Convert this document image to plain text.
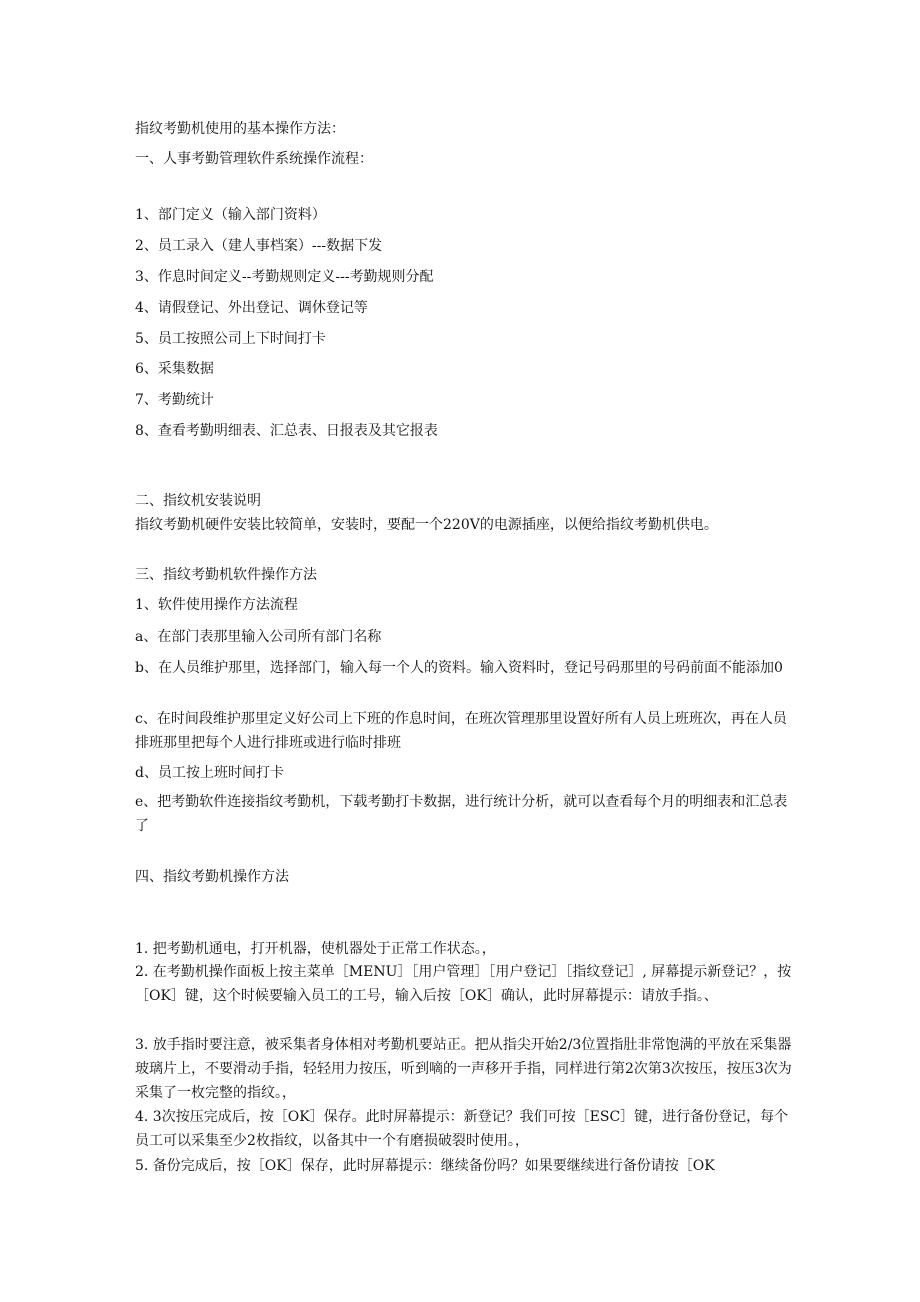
指纹考勤机使用的基本操作方法：
一、人事考勤管理软件系统操作流程：
1、部门定义（输入部门资料）
2、员工录入（建人事档案）---数据下发
3、作息时间定义--考勤规则定义---考勤规则分配
4、请假登记、外出登记、调休登记等
5、员工按照公司上下时间打卡
6、采集数据
7、考勤统计
8、查看考勤明细表、汇总表、日报表及其它报表
二、指纹机安装说明
指纹考勤机硬件安装比较简单，安装时，要配一个220V的电源插座，以便给指纹考勤机供电。
三、指纹考勤机软件操作方法
1、软件使用操作方法流程
a、在部门表那里输入公司所有部门名称
b、在人员维护那里，选择部门，输入每一个人的资料。输入资料时，登记号码那里的号码前面不能添加0
c、在时间段维护那里定义好公司上下班的作息时间，在班次管理那里设置好所有人员上班班次，再在人员排班那里把每个人进行排班或进行临时排班
d、员工按上班时间打卡
e、把考勤软件连接指纹考勤机，下载考勤打卡数据，进行统计分析，就可以查看每个月的明细表和汇总表了
四、指纹考勤机操作方法
1. 把考勤机通电，打开机器，使机器处于正常工作状态。，
2. 在考勤机操作面板上按主菜单［MENU］［用户管理］［用户登记］［指纹登记］, 屏幕提示新登记？，按［OK］键，这个时候要输入员工的工号，输入后按［OK］确认，此时屏幕提示：请放手指。、
3. 放手指时要注意，被采集者身体相对考勤机要站正。把从指尖开始2/3位置指肚非常饱满的平放在采集器玻璃片上，不要滑动手指，轻轻用力按压，听到嘀的一声移开手指，同样进行第2次第3次按压，按压3次为采集了一枚完整的指纹。，
4. 3次按压完成后，按［OK］保存。此时屏幕提示：新登记？我们可按［ESC］键，进行备份登记，每个员工可以采集至少2枚指纹，以备其中一个有磨损破裂时使用。，
5. 备份完成后，按［OK］保存，此时屏幕提示：继续备份吗？如果要继续进行备份请按［OK
